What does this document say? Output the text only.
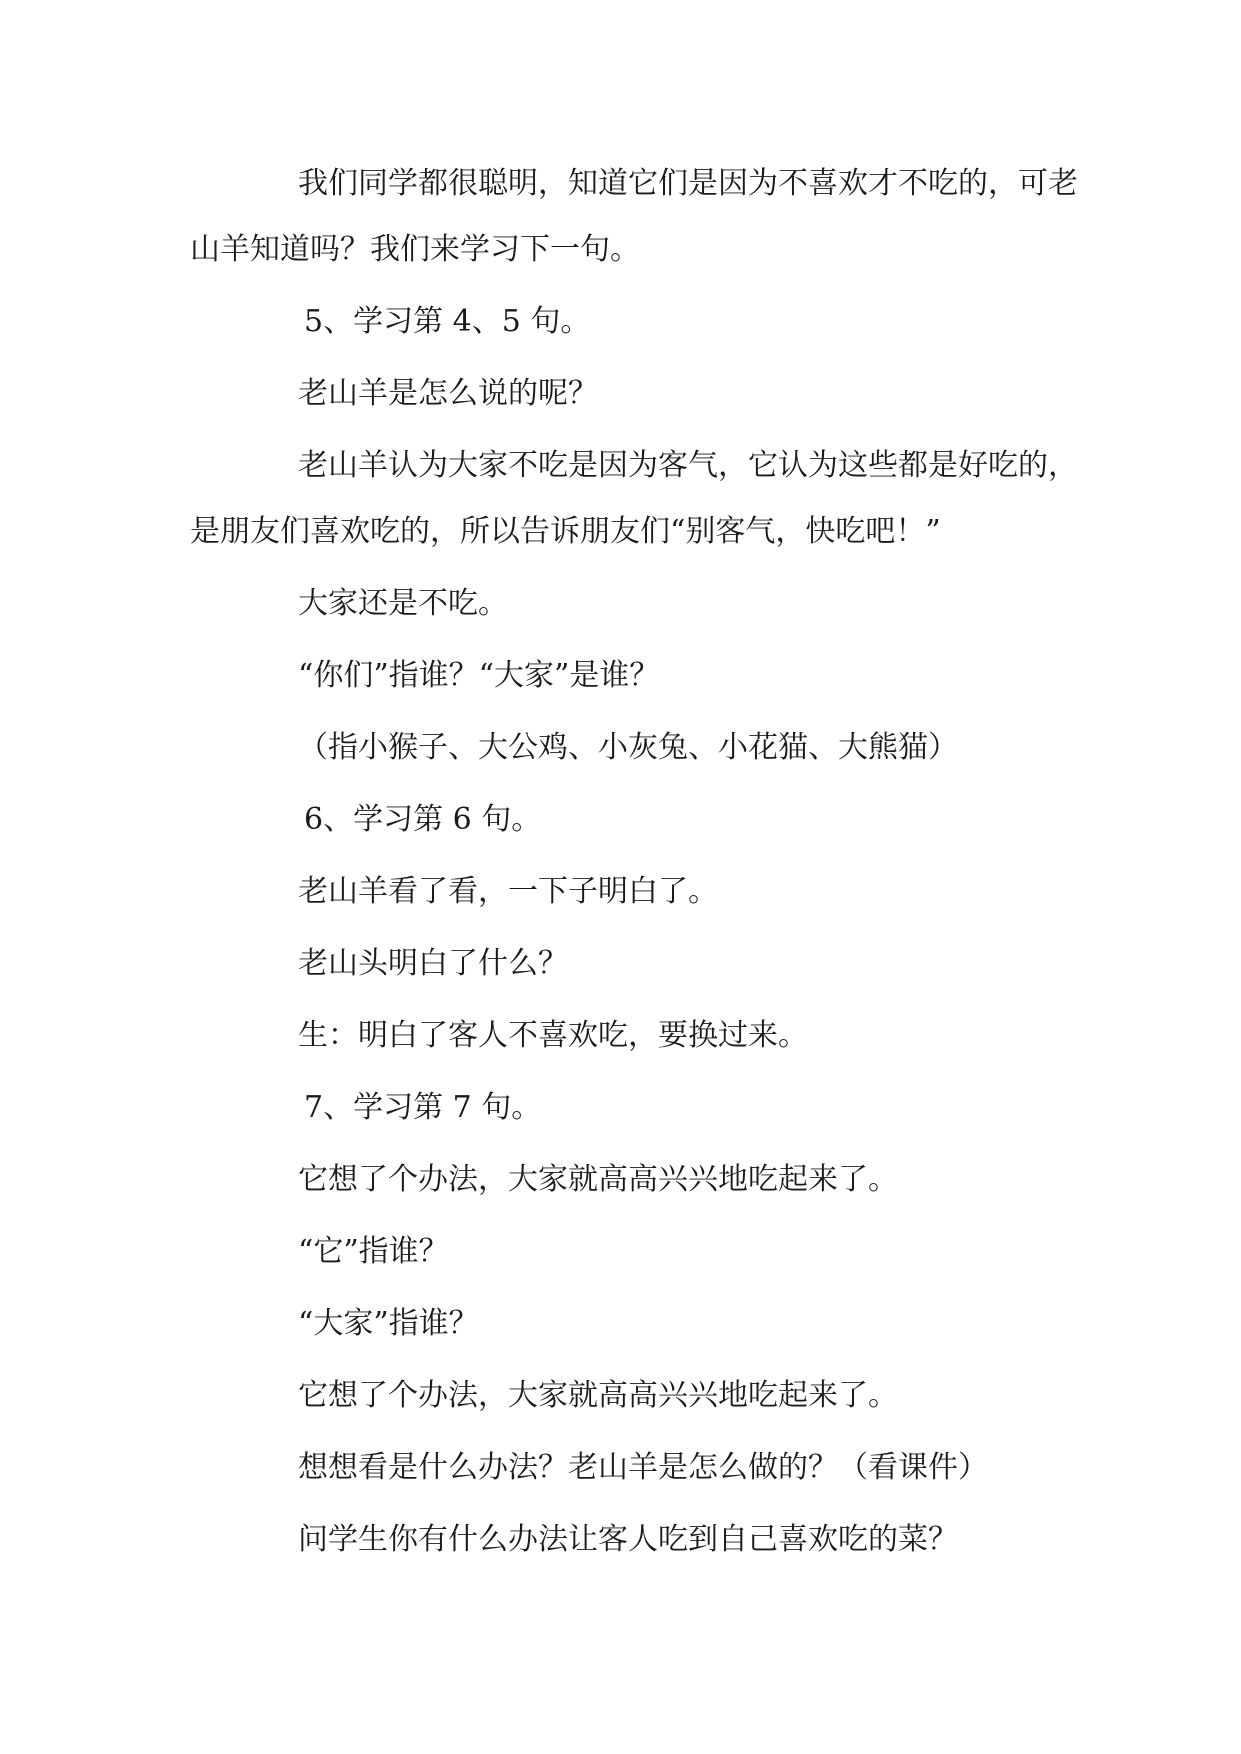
我们同学都很聪明，知道它们是因为不喜欢才不吃的，可老
山羊知道吗？我们来学习下一句。
5、学习第 4、5 句。
老山羊是怎么说的呢？
老山羊认为大家不吃是因为客气，它认为这些都是好吃的，
是朋友们喜欢吃的，所以告诉朋友们“别客气，快吃吧！”
大家还是不吃。
“你们”指谁？“大家”是谁？
（指小猴子、大公鸡、小灰兔、小花猫、大熊猫）
6、学习第 6 句。
老山羊看了看，一下子明白了。
老山头明白了什么？
生：明白了客人不喜欢吃，要换过来。
7、学习第 7 句。
它想了个办法，大家就高高兴兴地吃起来了。
“它”指谁？
“大家”指谁？
它想了个办法，大家就高高兴兴地吃起来了。
想想看是什么办法？老山羊是怎么做的？（看课件）
问学生你有什么办法让客人吃到自己喜欢吃的菜？
